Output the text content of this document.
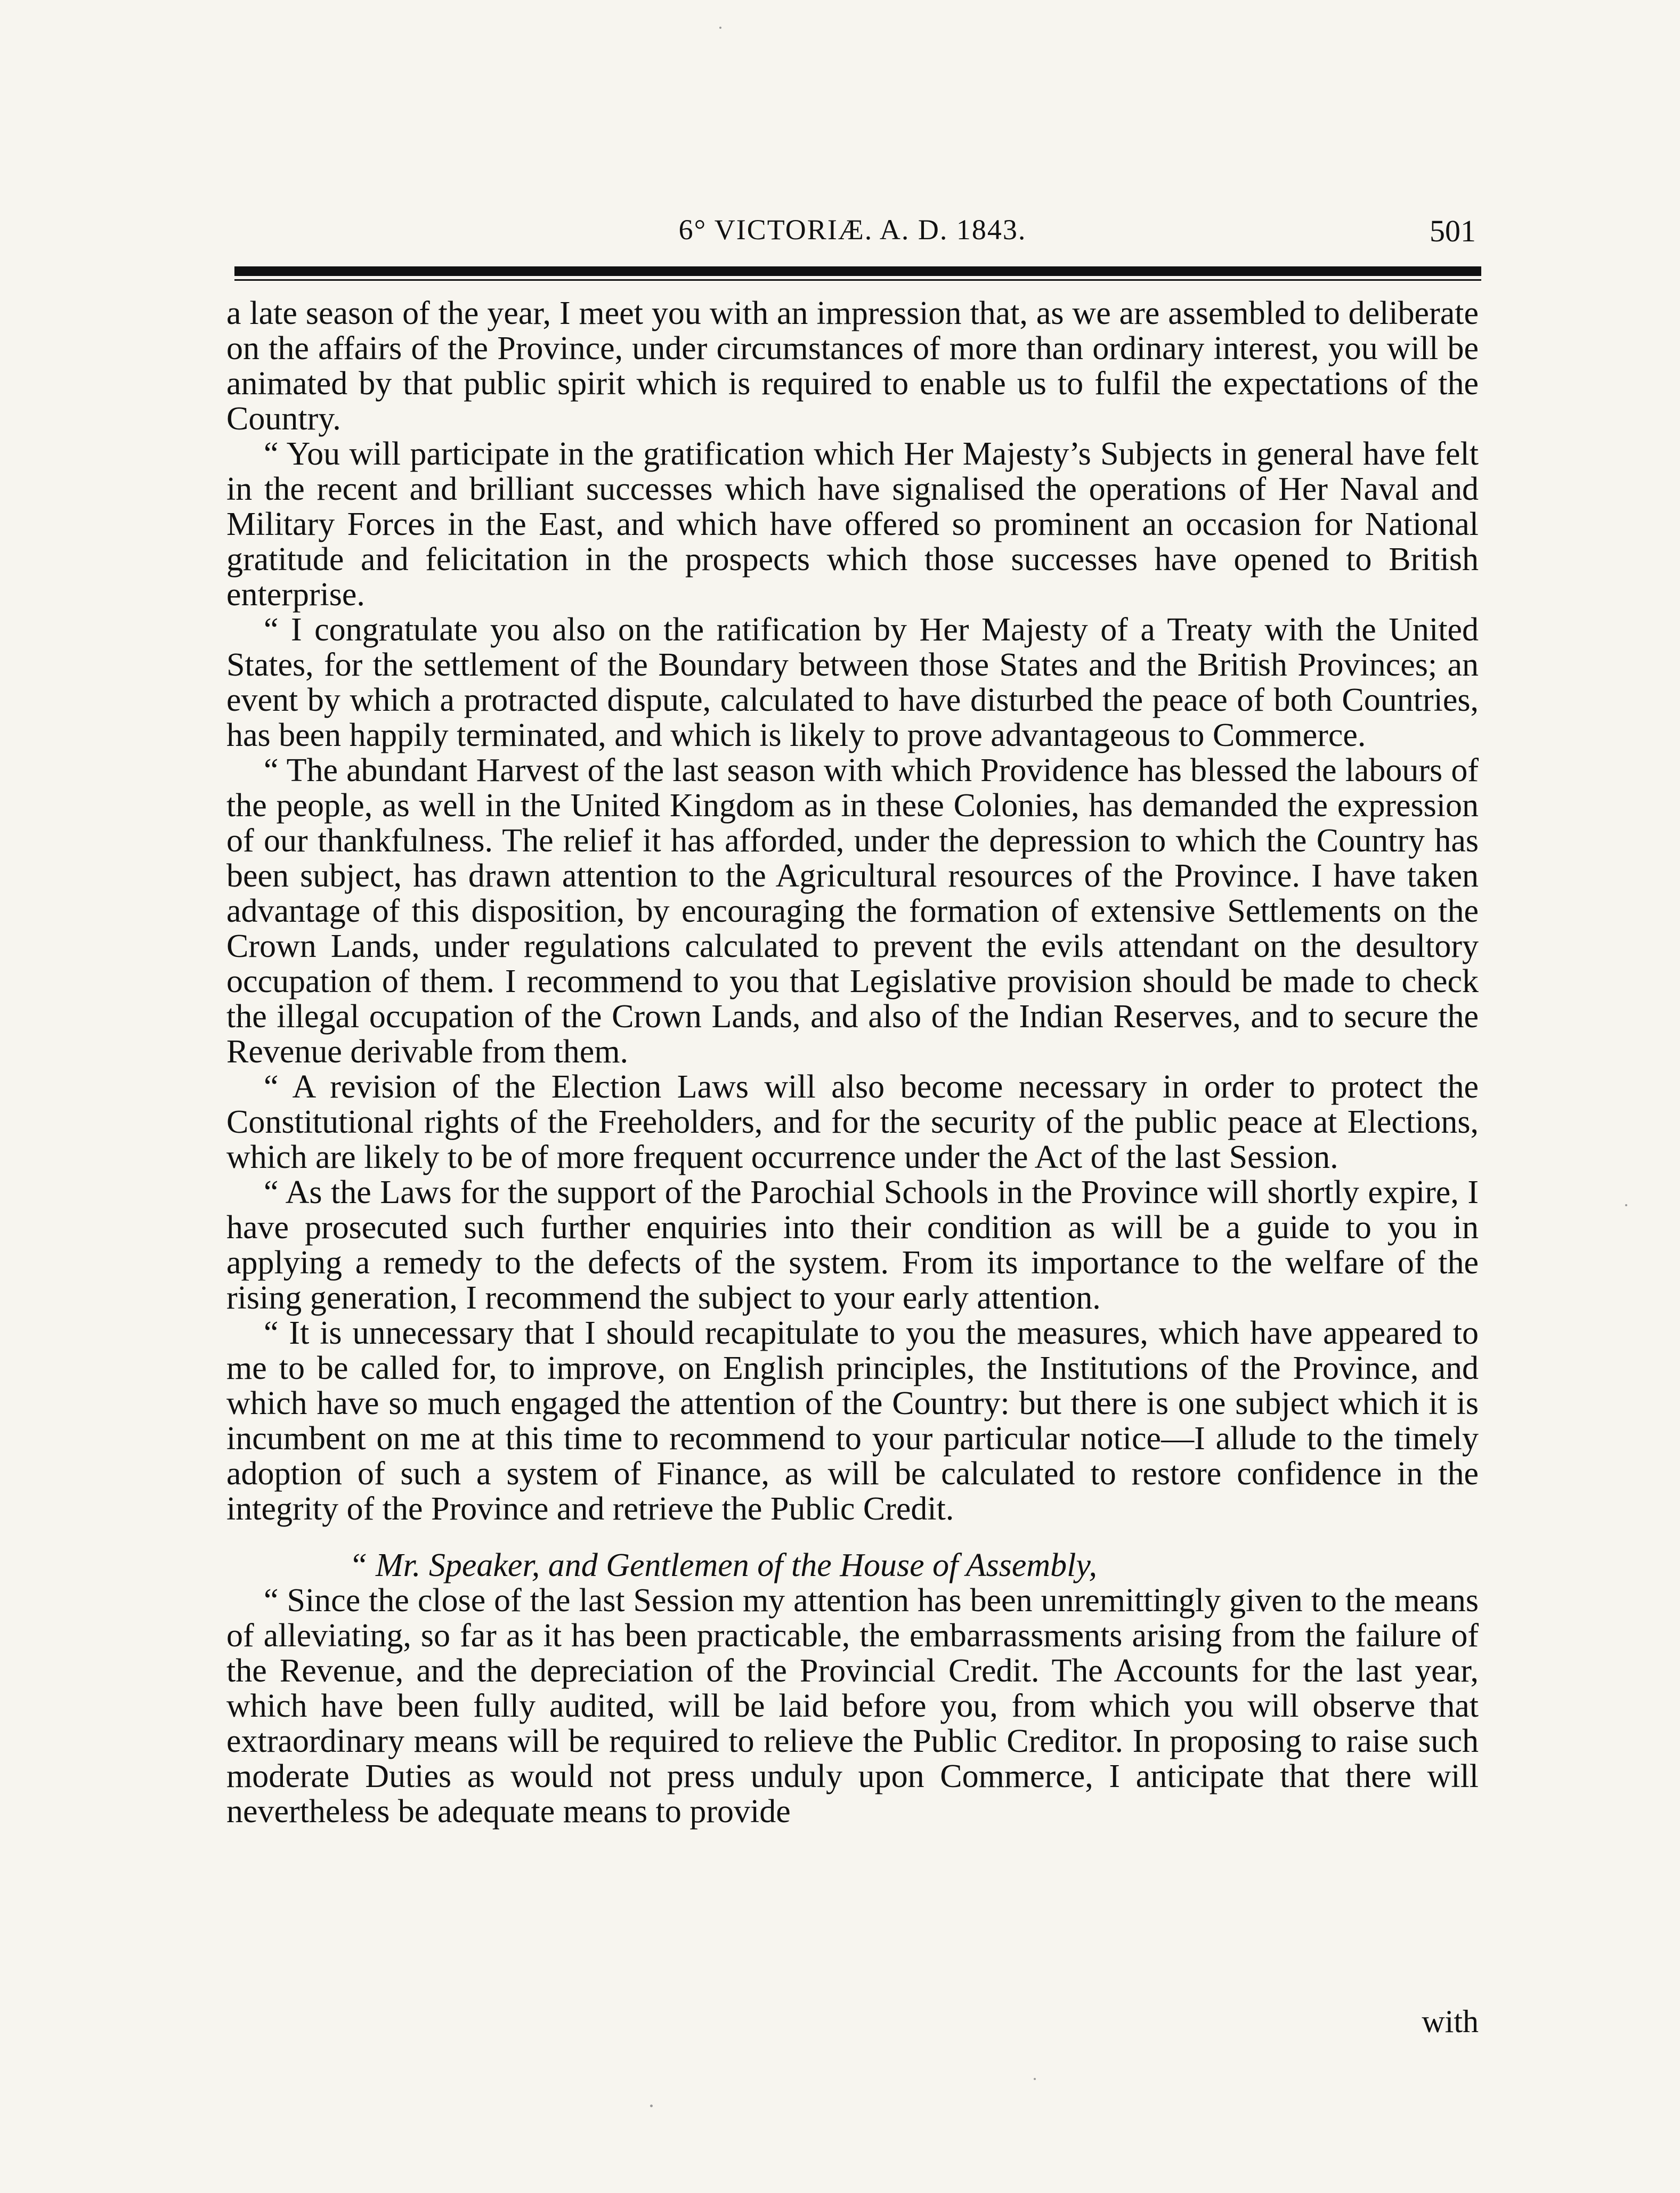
6° VICTORIÆ. A. D. 1843.	501

a late season of the year, I meet you with an impression that, as we are assembled to deliberate on the affairs of the Province, under circumstances of more than ordinary interest, you will be animated by that public spirit which is required to enable us to fulfil the expectations of the Country.

“ You will participate in the gratification which Her Majesty’s Subjects in general have felt in the recent and brilliant successes which have signalised the operations of Her Naval and Military Forces in the East, and which have offered so prominent an occasion for National gratitude and felicitation in the prospects which those successes have opened to British enterprise.

“ I congratulate you also on the ratification by Her Majesty of a Treaty with the United States, for the settlement of the Boundary between those States and the British Provinces; an event by which a protracted dispute, calculated to have disturbed the peace of both Countries, has been happily terminated, and which is likely to prove advantageous to Commerce.

“ The abundant Harvest of the last season with which Providence has blessed the labours of the people, as well in the United Kingdom as in these Colonies, has demanded the expression of our thankfulness. The relief it has afforded, under the depression to which the Country has been subject, has drawn attention to the Agricultural resources of the Province. I have taken advantage of this disposition, by encouraging the formation of extensive Settlements on the Crown Lands, under regulations calculated to prevent the evils attendant on the desultory occupation of them. I recommend to you that Legislative provision should be made to check the illegal occupation of the Crown Lands, and also of the Indian Reserves, and to secure the Revenue derivable from them.

“ A revision of the Election Laws will also become necessary in order to protect the Constitutional rights of the Freeholders, and for the security of the public peace at Elections, which are likely to be of more frequent occurrence under the Act of the last Session.

“ As the Laws for the support of the Parochial Schools in the Province will shortly expire, I have prosecuted such further enquiries into their condition as will be a guide to you in applying a remedy to the defects of the system. From its importance to the welfare of the rising generation, I recommend the subject to your early attention.

“ It is unnecessary that I should recapitulate to you the measures, which have appeared to me to be called for, to improve, on English principles, the Institutions of the Province, and which have so much engaged the attention of the Country: but there is one subject which it is incumbent on me at this time to recommend to your particular notice—I allude to the timely adoption of such a system of Finance, as will be calculated to restore confidence in the integrity of the Province and retrieve the Public Credit.

“ Mr. Speaker, and Gentlemen of the House of Assembly,

“ Since the close of the last Session my attention has been unremittingly given to the means of alleviating, so far as it has been practicable, the embarrassments arising from the failure of the Revenue, and the depreciation of the Provincial Credit. The Accounts for the last year, which have been fully audited, will be laid before you, from which you will observe that extraordinary means will be required to relieve the Public Creditor. In proposing to raise such moderate Duties as would not press unduly upon Commerce, I anticipate that there will nevertheless be adequate means to provide

with
